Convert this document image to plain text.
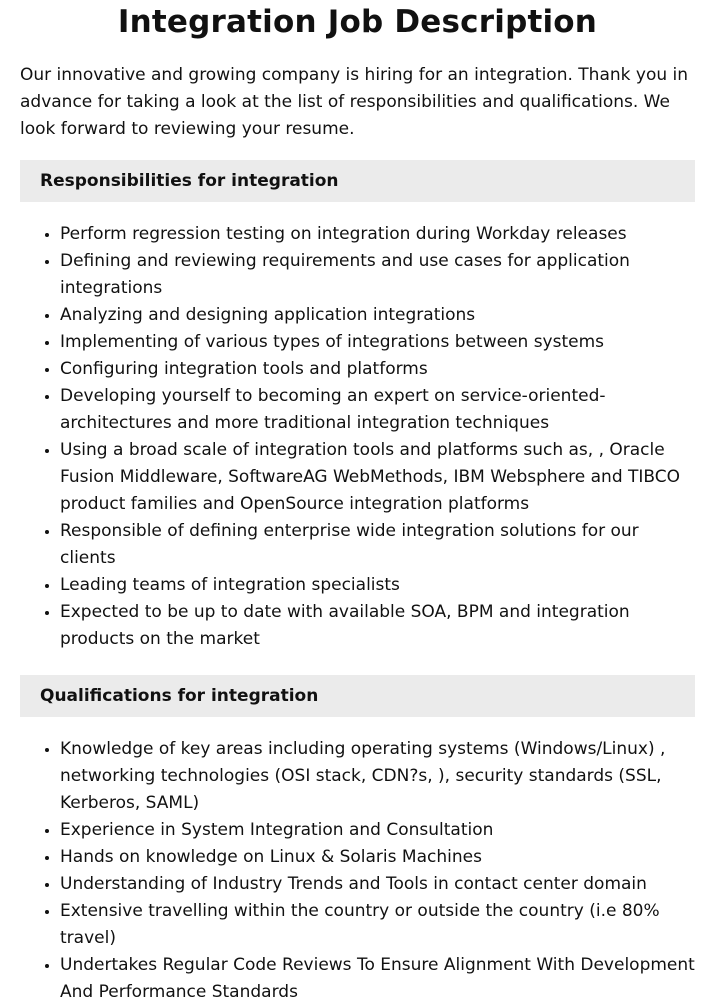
Integration Job Description

Our innovative and growing company is hiring for an integration. Thank you in advance for taking a look at the list of responsibilities and qualifications. We look forward to reviewing your resume.

Responsibilities for integration
• Perform regression testing on integration during Workday releases
• Defining and reviewing requirements and use cases for application integrations
• Analyzing and designing application integrations
• Implementing of various types of integrations between systems
• Configuring integration tools and platforms
• Developing yourself to becoming an expert on service-oriented-architectures and more traditional integration techniques
• Using a broad scale of integration tools and platforms such as, , Oracle Fusion Middleware, SoftwareAG WebMethods, IBM Websphere and TIBCO product families and OpenSource integration platforms
• Responsible of defining enterprise wide integration solutions for our clients
• Leading teams of integration specialists
• Expected to be up to date with available SOA, BPM and integration products on the market
Qualifications for integration
• Knowledge of key areas including operating systems (Windows/Linux) , networking technologies (OSI stack, CDN?s, ), security standards (SSL, Kerberos, SAML)
• Experience in System Integration and Consultation
• Hands on knowledge on Linux & Solaris Machines
• Understanding of Industry Trends and Tools in contact center domain
• Extensive travelling within the country or outside the country (i.e 80% travel)
• Undertakes Regular Code Reviews To Ensure Alignment With Development And Performance Standards
